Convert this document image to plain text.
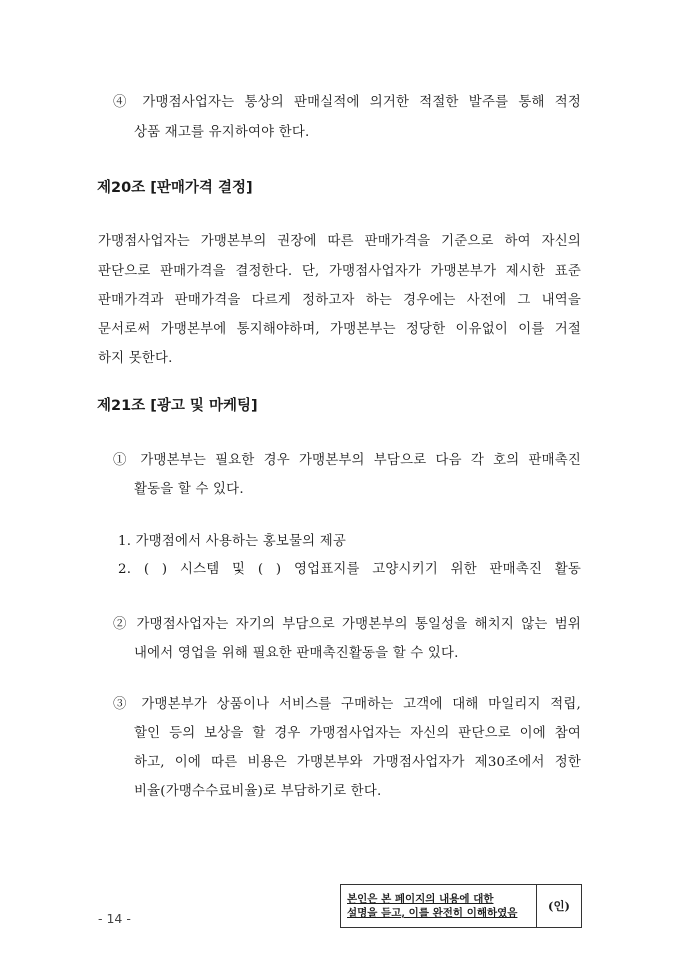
④ 가맹점사업자는 통상의 판매실적에 의거한 적절한 발주를 통해 적정
상품 재고를 유지하여야 한다.
제20조 [판매가격 결정]
가맹점사업자는 가맹본부의 권장에 따른 판매가격을 기준으로 하여 자신의
판단으로 판매가격을 결정한다. 단, 가맹점사업자가 가맹본부가 제시한 표준
판매가격과 판매가격을 다르게 정하고자 하는 경우에는 사전에 그 내역을
문서로써 가맹본부에 통지해야하며, 가맹본부는 정당한 이유없이 이를 거절
하지 못한다.
제21조 [광고 및 마케팅]
① 가맹본부는 필요한 경우 가맹본부의 부담으로 다음 각 호의 판매촉진
활동을 할 수 있다.
1. 가맹점에서 사용하는 홍보물의 제공
2. ( ) 시스템 및 ( ) 영업표지를 고양시키기 위한 판매촉진 활동
② 가맹점사업자는 자기의 부담으로 가맹본부의 통일성을 해치지 않는 범위
내에서 영업을 위해 필요한 판매촉진활동을 할 수 있다.
③ 가맹본부가 상품이나 서비스를 구매하는 고객에 대해 마일리지 적립,
할인 등의 보상을 할 경우 가맹점사업자는 자신의 판단으로 이에 참여
하고, 이에 따른 비용은 가맹본부와 가맹점사업자가 제30조에서 정한
비율(가맹수수료비율)로 부담하기로 한다.
- 14 -
본인은 본 페이지의 내용에 대한
설명을 듣고, 이를 완전히 이해하였음	(인)
